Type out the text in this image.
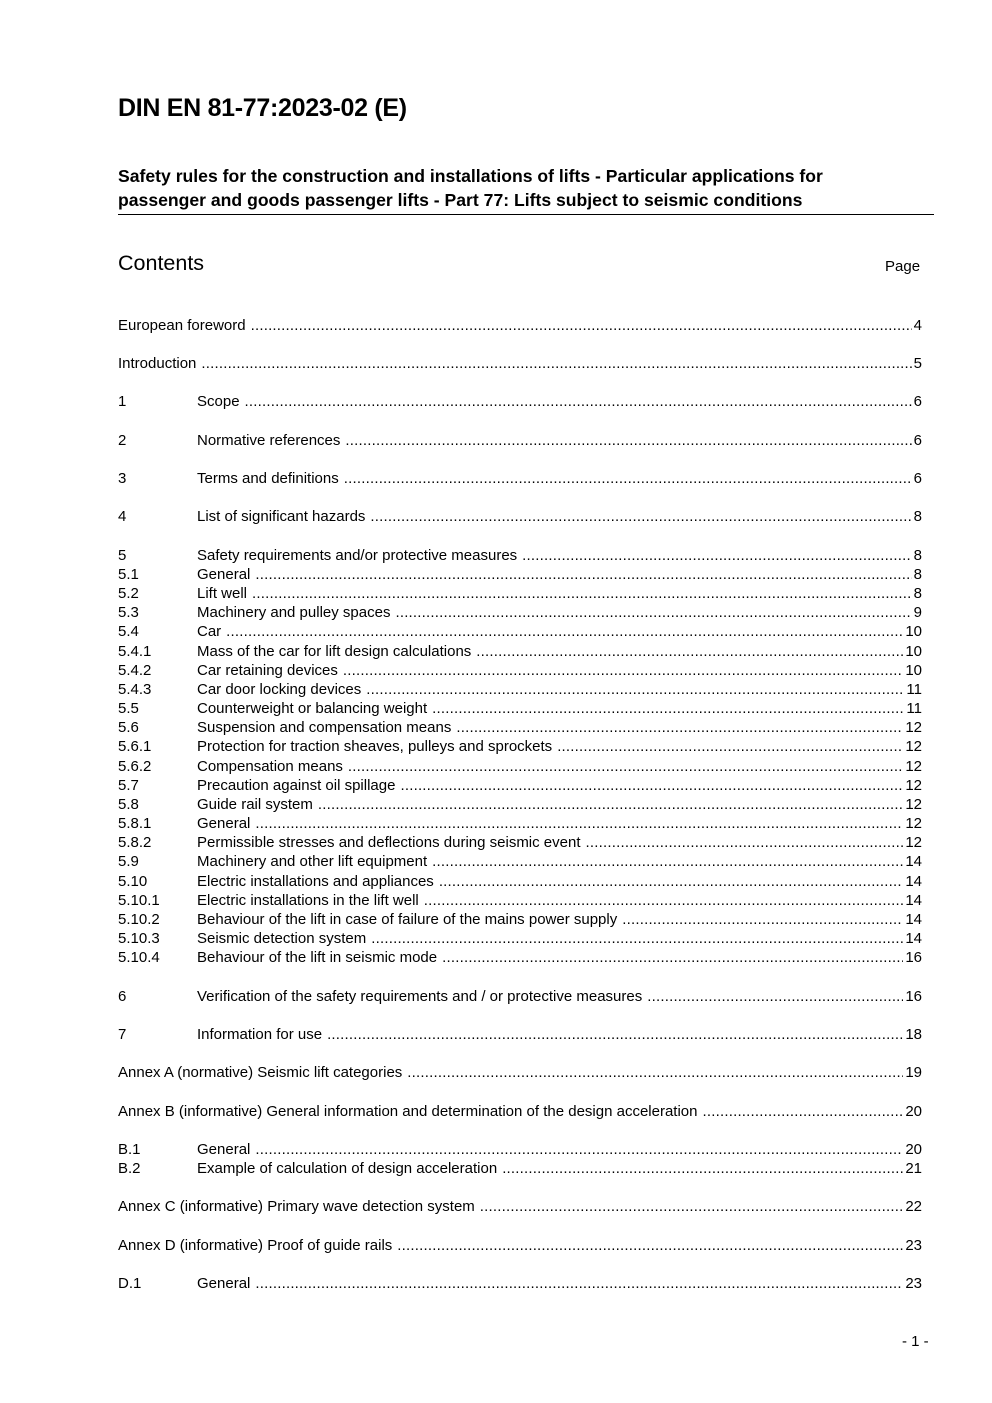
DIN EN 81-77:2023-02 (E)
Safety rules for the construction and installations of lifts - Particular applications for
passenger and goods passenger lifts - Part 77: Lifts subject to seismic conditions
Contents	Page
European foreword .....	4
Introduction .....	5
1	Scope .....	6
2	Normative references .....	6
3	Terms and definitions .....	6
4	List of significant hazards .....	8
5	Safety requirements and/or protective measures .....	8
5.1	General .....	8
5.2	Lift well .....	8
5.3	Machinery and pulley spaces .....	9
5.4	Car .....	10
5.4.1	Mass of the car for lift design calculations .....	10
5.4.2	Car retaining devices .....	10
5.4.3	Car door locking devices .....	11
5.5	Counterweight or balancing weight .....	11
5.6	Suspension and compensation means .....	12
5.6.1	Protection for traction sheaves, pulleys and sprockets .....	12
5.6.2	Compensation means .....	12
5.7	Precaution against oil spillage .....	12
5.8	Guide rail system .....	12
5.8.1	General .....	12
5.8.2	Permissible stresses and deflections during seismic event .....	12
5.9	Machinery and other lift equipment .....	14
5.10	Electric installations and appliances .....	14
5.10.1	Electric installations in the lift well .....	14
5.10.2	Behaviour of the lift in case of failure of the mains power supply .....	14
5.10.3	Seismic detection system .....	14
5.10.4	Behaviour of the lift in seismic mode .....	16
6	Verification of the safety requirements and / or protective measures .....	16
7	Information for use .....	18
Annex A (normative) Seismic lift categories .....	19
Annex B (informative) General information and determination of the design acceleration .....	20
B.1	General .....	20
B.2	Example of calculation of design acceleration .....	21
Annex C (informative) Primary wave detection system .....	22
Annex D (informative) Proof of guide rails .....	23
D.1	General .....	23
- 1 -
